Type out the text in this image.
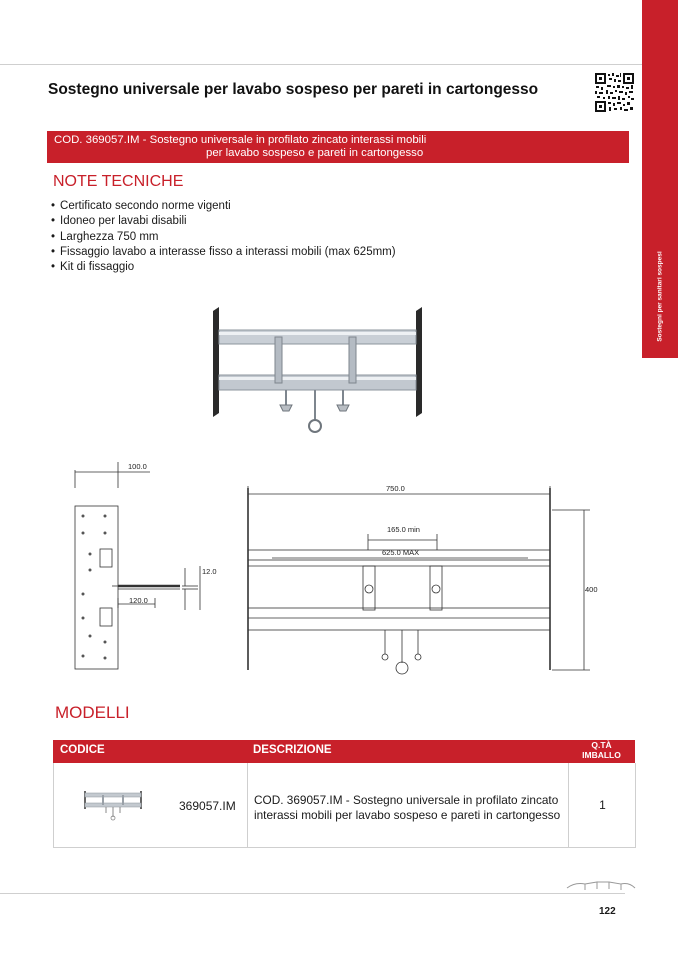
Sostegni per sanitari sospesi
Sostegno universale per lavabo sospeso per pareti in cartongesso
COD. 369057.IM - Sostegno universale in profilato zincato interassi mobili
per lavabo sospeso e pareti in cartongesso
NOTE TECNICHE
• Certificato secondo norme vigenti
• Idoneo per lavabi disabili
• Larghezza 750 mm
• Fissaggio lavabo a interasse fisso a interassi mobili (max 625mm)
• Kit di fissaggio
100.0
120.0
12.0
750.0
165.0 min
625.0 MAX
400
MODELLI
CODICE	DESCRIZIONE	Q.TÀ
IMBALLO
369057.IM COD. 369057.IM - Sostegno universale in profilato zincato
interassi mobili per lavabo sospeso e pareti in cartongesso
1
122
